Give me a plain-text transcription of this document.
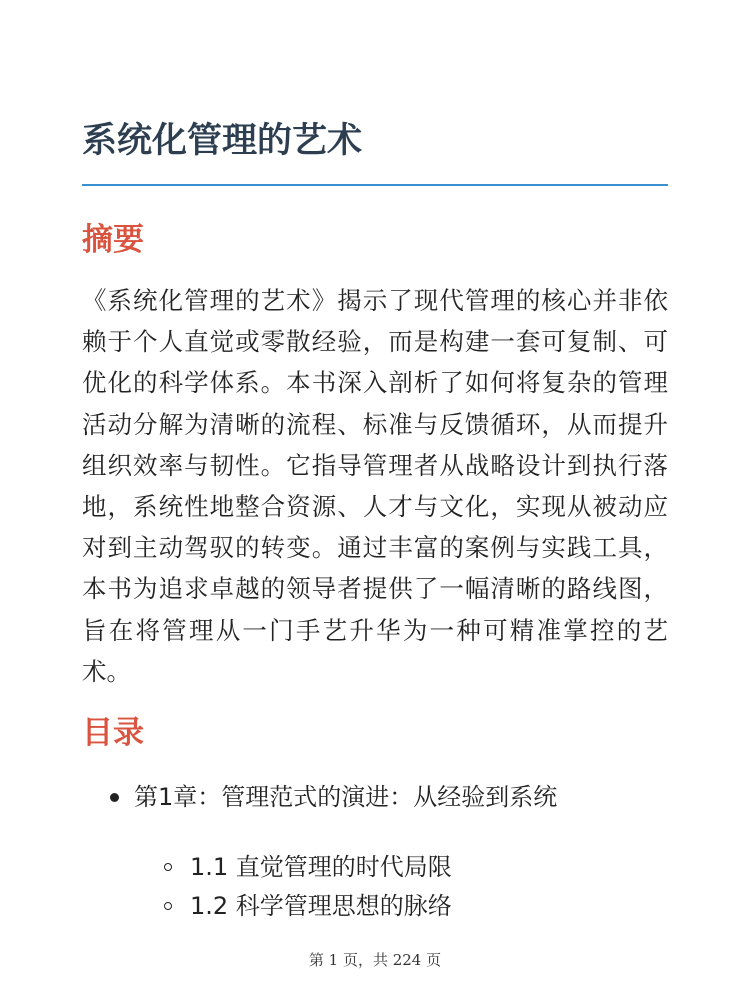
系统化管理的艺术
摘要

《系统化管理的艺术》揭示了现代管理的核心并非依赖于个人直觉或零散经验，而是构建一套可复制、可优化的科学体系。本书深入剖析了如何将复杂的管理活动分解为清晰的流程、标准与反馈循环，从而提升组织效率与韧性。它指导管理者从战略设计到执行落地，系统性地整合资源、人才与文化，实现从被动应对到主动驾驭的转变。通过丰富的案例与实践工具，本书为追求卓越的领导者提供了一幅清晰的路线图，旨在将管理从一门手艺升华为一种可精准掌控的艺术。

目录
第1章：管理范式的演进：从经验到系统
1.1 直觉管理的时代局限
1.2 科学管理思想的脉络
第 1 页，共 224 页
